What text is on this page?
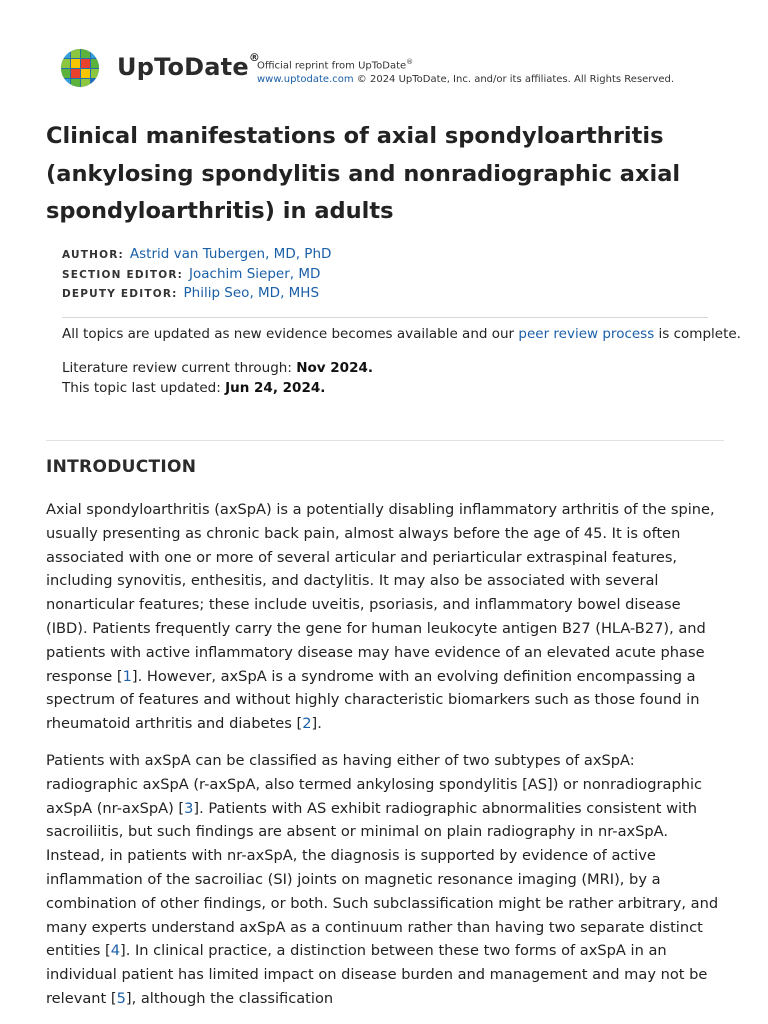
UpToDate®
Official reprint from UpToDate®
www.uptodate.com © 2024 UpToDate, Inc. and/or its affiliates. All Rights Reserved.
Clinical manifestations of axial spondyloarthritis (ankylosing spondylitis and nonradiographic axial spondyloarthritis) in adults
AUTHOR: Astrid van Tubergen, MD, PhD
SECTION EDITOR: Joachim Sieper, MD
DEPUTY EDITOR: Philip Seo, MD, MHS
All topics are updated as new evidence becomes available and our peer review process is complete.
Literature review current through: Nov 2024.
This topic last updated: Jun 24, 2024.
INTRODUCTION

Axial spondyloarthritis (axSpA) is a potentially disabling inflammatory arthritis of the spine, usually presenting as chronic back pain, almost always before the age of 45. It is often associated with one or more of several articular and periarticular extraspinal features, including synovitis, enthesitis, and dactylitis. It may also be associated with several nonarticular features; these include uveitis, psoriasis, and inflammatory bowel disease (IBD). Patients frequently carry the gene for human leukocyte antigen B27 (HLA-B27), and patients with active inflammatory disease may have evidence of an elevated acute phase response [1]. However, axSpA is a syndrome with an evolving definition encompassing a spectrum of features and without highly characteristic biomarkers such as those found in rheumatoid arthritis and diabetes [2].

Patients with axSpA can be classified as having either of two subtypes of axSpA: radiographic axSpA (r-axSpA, also termed ankylosing spondylitis [AS]) or nonradiographic axSpA (nr-axSpA) [3]. Patients with AS exhibit radiographic abnormalities consistent with sacroiliitis, but such findings are absent or minimal on plain radiography in nr-axSpA. Instead, in patients with nr-axSpA, the diagnosis is supported by evidence of active inflammation of the sacroiliac (SI) joints on magnetic resonance imaging (MRI), by a combination of other findings, or both. Such subclassification might be rather arbitrary, and many experts understand axSpA as a continuum rather than having two separate distinct entities [4]. In clinical practice, a distinction between these two forms of axSpA in an individual patient has limited impact on disease burden and management and may not be relevant [5], although the classification
